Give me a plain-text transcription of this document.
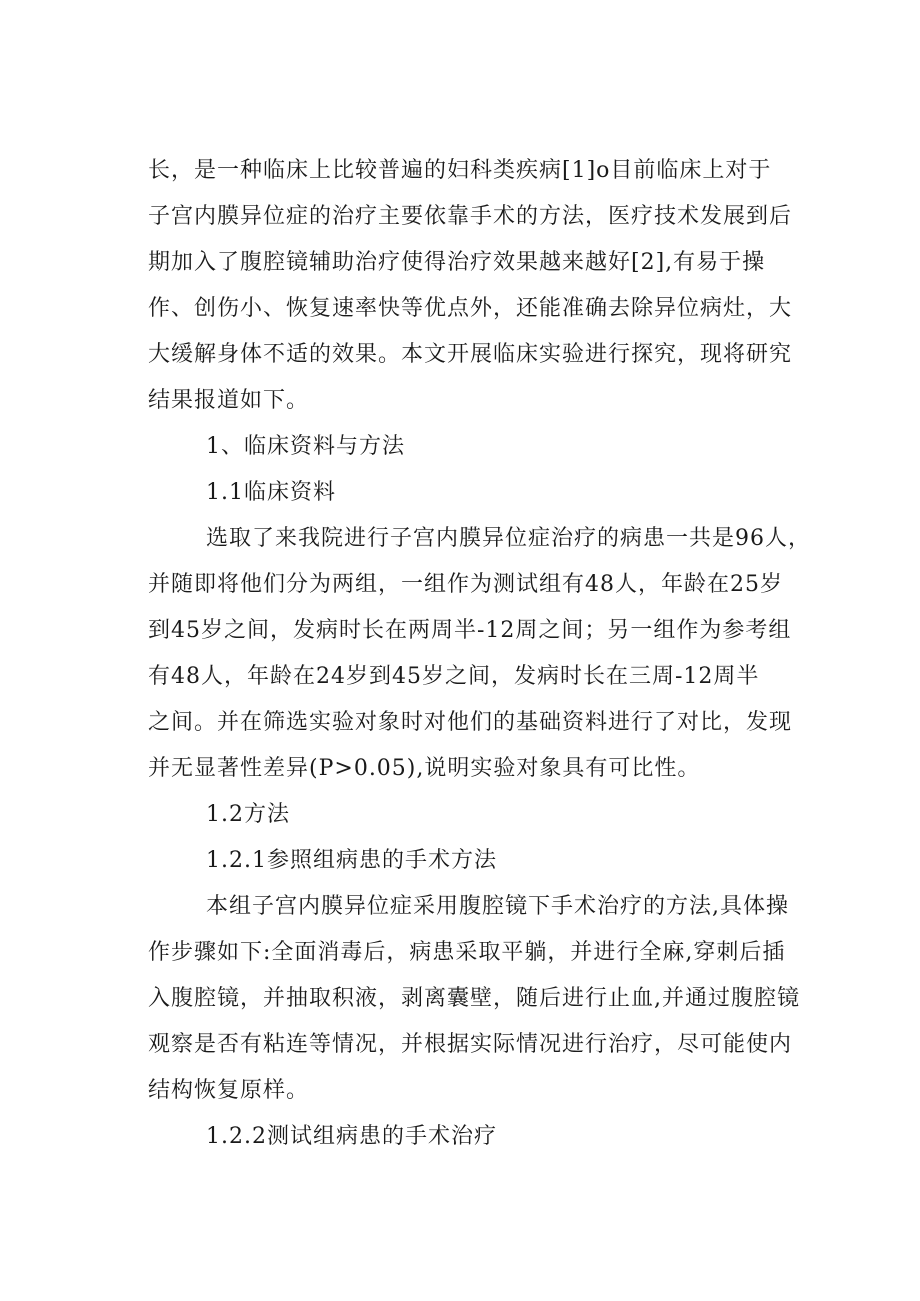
长，是一种临床上比较普遍的妇科类疾病[1]o目前临床上对于
子宫内膜异位症的治疗主要依靠手术的方法，医疗技术发展到后
期加入了腹腔镜辅助治疗使得治疗效果越来越好[2],有易于操
作、创伤小、恢复速率快等优点外，还能准确去除异位病灶，大
大缓解身体不适的效果。本文开展临床实验进行探究，现将研究
结果报道如下。
1、临床资料与方法
1.1临床资料
选取了来我院进行子宫内膜异位症治疗的病患一共是96人，
并随即将他们分为两组，一组作为测试组有48人，年龄在25岁
到45岁之间，发病时长在两周半-12周之间；另一组作为参考组
有48人，年龄在24岁到45岁之间，发病时长在三周-12周半
之间。并在筛选实验对象时对他们的基础资料进行了对比，发现
并无显著性差异(P>0.05),说明实验对象具有可比性。
1.2方法
1.2.1参照组病患的手术方法
本组子宫内膜异位症采用腹腔镜下手术治疗的方法,具体操
作步骤如下:全面消毒后，病患采取平躺，并进行全麻,穿刺后插
入腹腔镜，并抽取积液，剥离囊壁，随后进行止血,并通过腹腔镜
观察是否有粘连等情况，并根据实际情况进行治疗，尽可能使内
结构恢复原样。
1.2.2测试组病患的手术治疗
